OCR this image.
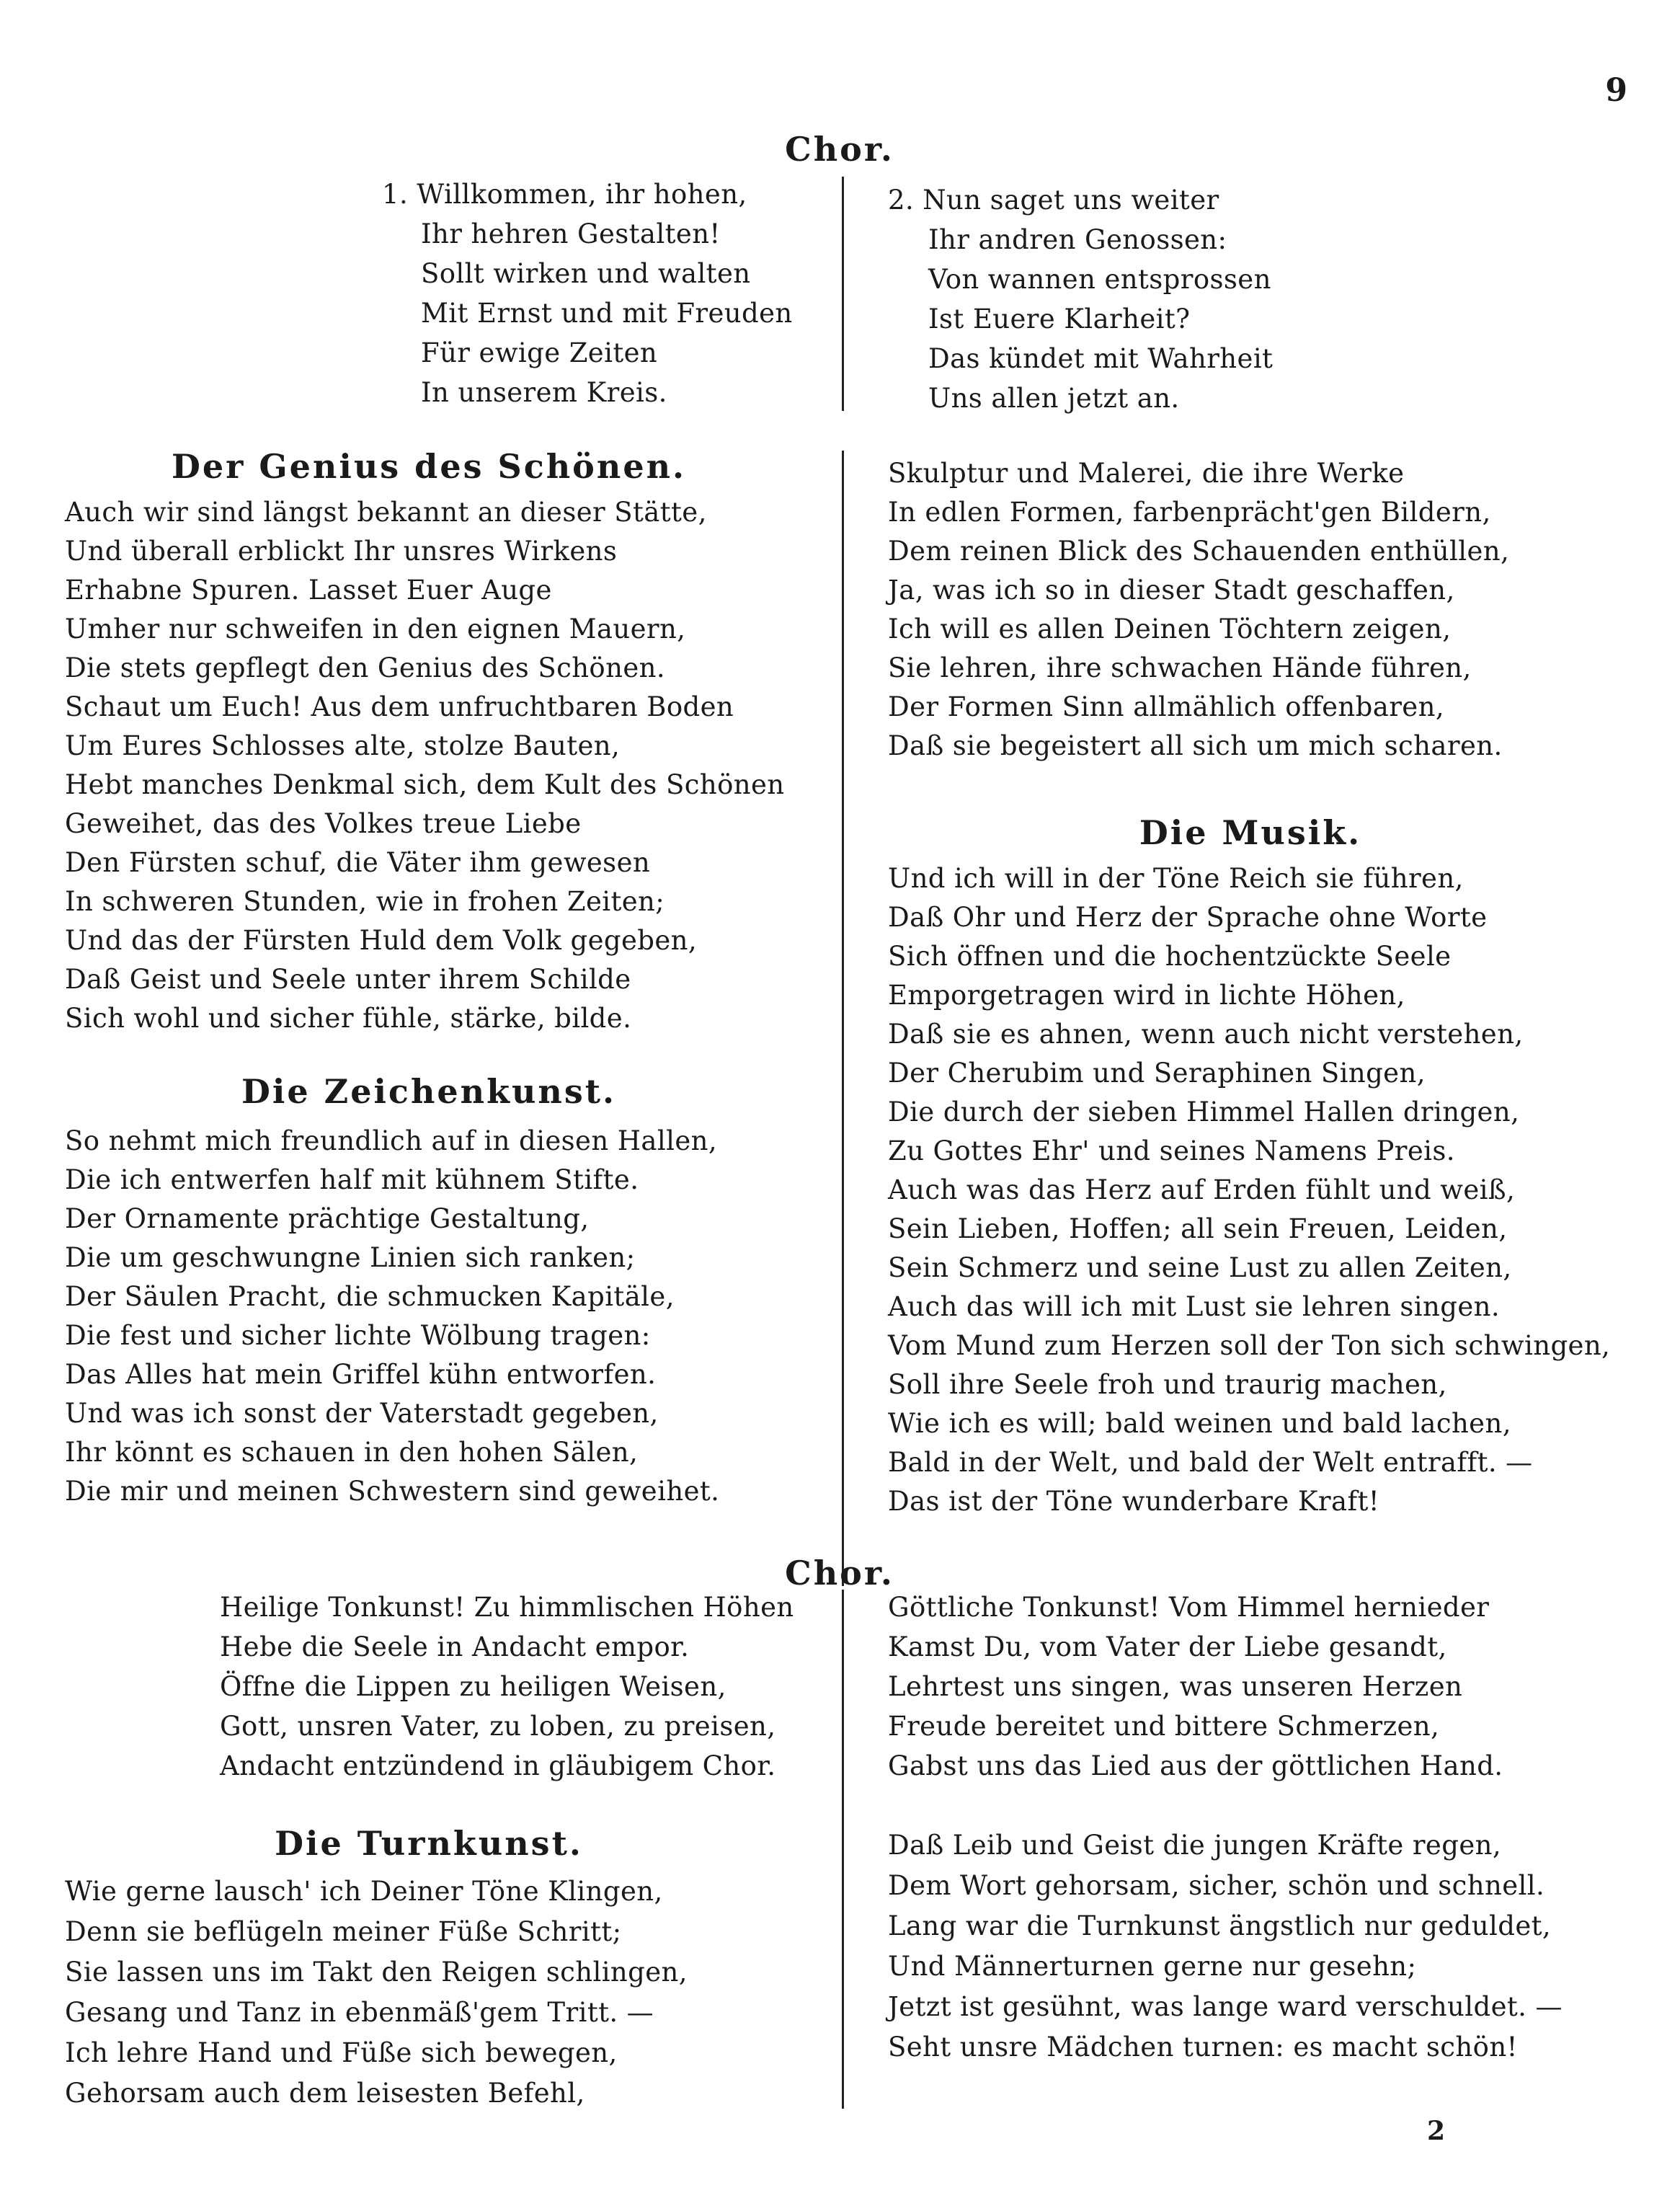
9
2
Chor.
1. Willkommen, ihr hohen,
Ihr hehren Gestalten!
Sollt wirken und walten
Mit Ernst und mit Freuden
Für ewige Zeiten
In unserem Kreis.
2. Nun saget uns weiter
Ihr andren Genossen:
Von wannen entsprossen
Ist Euere Klarheit?
Das kündet mit Wahrheit
Uns allen jetzt an.
Der Genius des Schönen.
Auch wir sind längst bekannt an dieser Stätte,
Und überall erblickt Ihr unsres Wirkens
Erhabne Spuren. Lasset Euer Auge
Umher nur schweifen in den eignen Mauern,
Die stets gepflegt den Genius des Schönen.
Schaut um Euch! Aus dem unfruchtbaren Boden
Um Eures Schlosses alte, stolze Bauten,
Hebt manches Denkmal sich, dem Kult des Schönen
Geweihet, das des Volkes treue Liebe
Den Fürsten schuf, die Väter ihm gewesen
In schweren Stunden, wie in frohen Zeiten;
Und das der Fürsten Huld dem Volk gegeben,
Daß Geist und Seele unter ihrem Schilde
Sich wohl und sicher fühle, stärke, bilde.
Skulptur und Malerei, die ihre Werke
In edlen Formen, farbenprächt'gen Bildern,
Dem reinen Blick des Schauenden enthüllen,
Ja, was ich so in dieser Stadt geschaffen,
Ich will es allen Deinen Töchtern zeigen,
Sie lehren, ihre schwachen Hände führen,
Der Formen Sinn allmählich offenbaren,
Daß sie begeistert all sich um mich scharen.
Die Zeichenkunst.
So nehmt mich freundlich auf in diesen Hallen,
Die ich entwerfen half mit kühnem Stifte.
Der Ornamente prächtige Gestaltung,
Die um geschwungne Linien sich ranken;
Der Säulen Pracht, die schmucken Kapitäle,
Die fest und sicher lichte Wölbung tragen:
Das Alles hat mein Griffel kühn entworfen.
Und was ich sonst der Vaterstadt gegeben,
Ihr könnt es schauen in den hohen Sälen,
Die mir und meinen Schwestern sind geweihet.
Die Musik.
Und ich will in der Töne Reich sie führen,
Daß Ohr und Herz der Sprache ohne Worte
Sich öffnen und die hochentzückte Seele
Emporgetragen wird in lichte Höhen,
Daß sie es ahnen, wenn auch nicht verstehen,
Der Cherubim und Seraphinen Singen,
Die durch der sieben Himmel Hallen dringen,
Zu Gottes Ehr' und seines Namens Preis.
Auch was das Herz auf Erden fühlt und weiß,
Sein Lieben, Hoffen; all sein Freuen, Leiden,
Sein Schmerz und seine Lust zu allen Zeiten,
Auch das will ich mit Lust sie lehren singen.
Vom Mund zum Herzen soll der Ton sich schwingen,
Soll ihre Seele froh und traurig machen,
Wie ich es will; bald weinen und bald lachen,
Bald in der Welt, und bald der Welt entrafft. —
Das ist der Töne wunderbare Kraft!
Chor.
Heilige Tonkunst! Zu himmlischen Höhen
Hebe die Seele in Andacht empor.
Öffne die Lippen zu heiligen Weisen,
Gott, unsren Vater, zu loben, zu preisen,
Andacht entzündend in gläubigem Chor.
Göttliche Tonkunst! Vom Himmel hernieder
Kamst Du, vom Vater der Liebe gesandt,
Lehrtest uns singen, was unseren Herzen
Freude bereitet und bittere Schmerzen,
Gabst uns das Lied aus der göttlichen Hand.
Die Turnkunst.
Wie gerne lausch' ich Deiner Töne Klingen,
Denn sie beflügeln meiner Füße Schritt;
Sie lassen uns im Takt den Reigen schlingen,
Gesang und Tanz in ebenmäß'gem Tritt. —
Ich lehre Hand und Füße sich bewegen,
Gehorsam auch dem leisesten Befehl,
Daß Leib und Geist die jungen Kräfte regen,
Dem Wort gehorsam, sicher, schön und schnell.
Lang war die Turnkunst ängstlich nur geduldet,
Und Männerturnen gerne nur gesehn;
Jetzt ist gesühnt, was lange ward verschuldet. —
Seht unsre Mädchen turnen: es macht schön!
